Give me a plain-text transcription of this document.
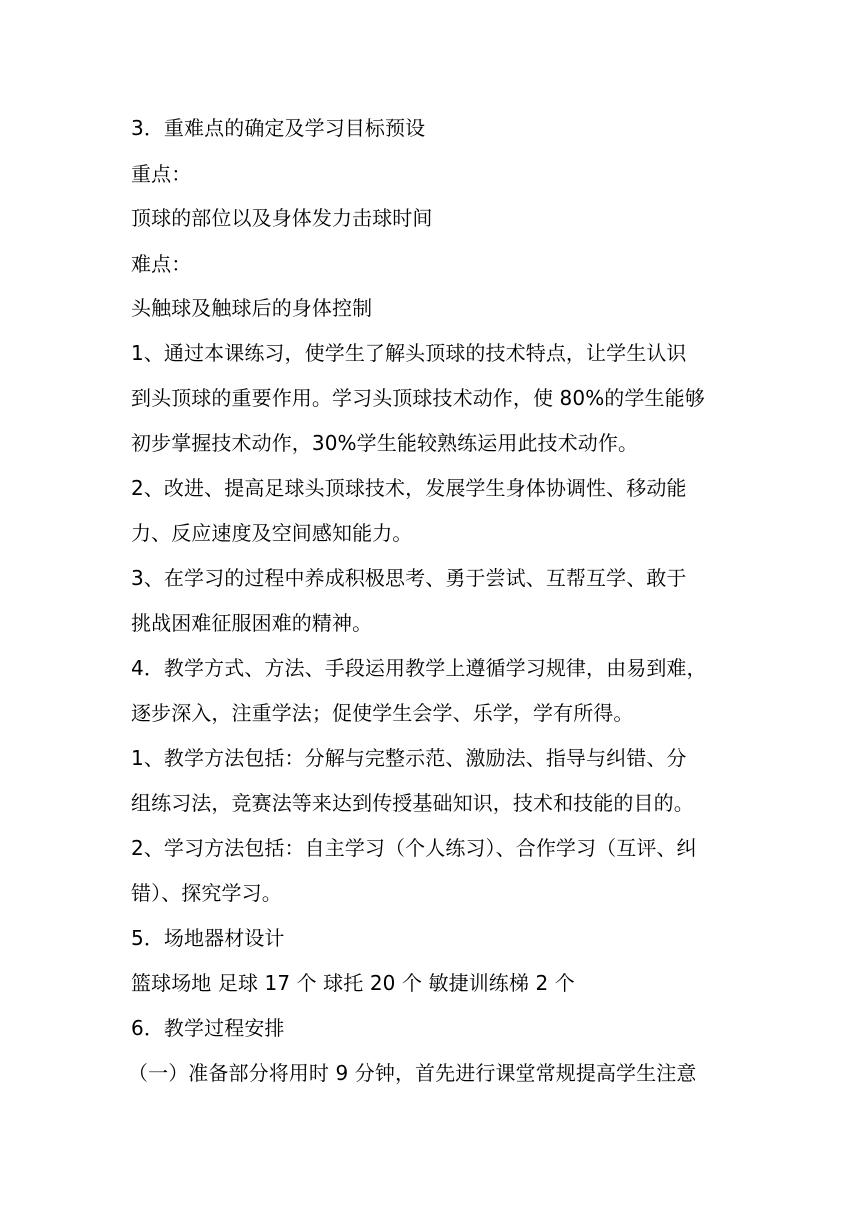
3．重难点的确定及学习目标预设
重点：
顶球的部位以及身体发力击球时间
难点：
头触球及触球后的身体控制
1、通过本课练习，使学生了解头顶球的技术特点，让学生认识
到头顶球的重要作用。学习头顶球技术动作，使 80%的学生能够
初步掌握技术动作，30%学生能较熟练运用此技术动作。
2、改进、提高足球头顶球技术，发展学生身体协调性、移动能
力、反应速度及空间感知能力。
3、在学习的过程中养成积极思考、勇于尝试、互帮互学、敢于
挑战困难征服困难的精神。
4．教学方式、方法、手段运用教学上遵循学习规律，由易到难，
逐步深入，注重学法；促使学生会学、乐学，学有所得。
1、教学方法包括：分解与完整示范、激励法、指导与纠错、分
组练习法，竞赛法等来达到传授基础知识，技术和技能的目的。
2、学习方法包括：自主学习（个人练习）、合作学习（互评、纠
错）、探究学习。
5．场地器材设计
篮球场地 足球 17 个 球托 20 个 敏捷训练梯 2 个
6．教学过程安排
（一）准备部分将用时 9 分钟，首先进行课堂常规提高学生注意
